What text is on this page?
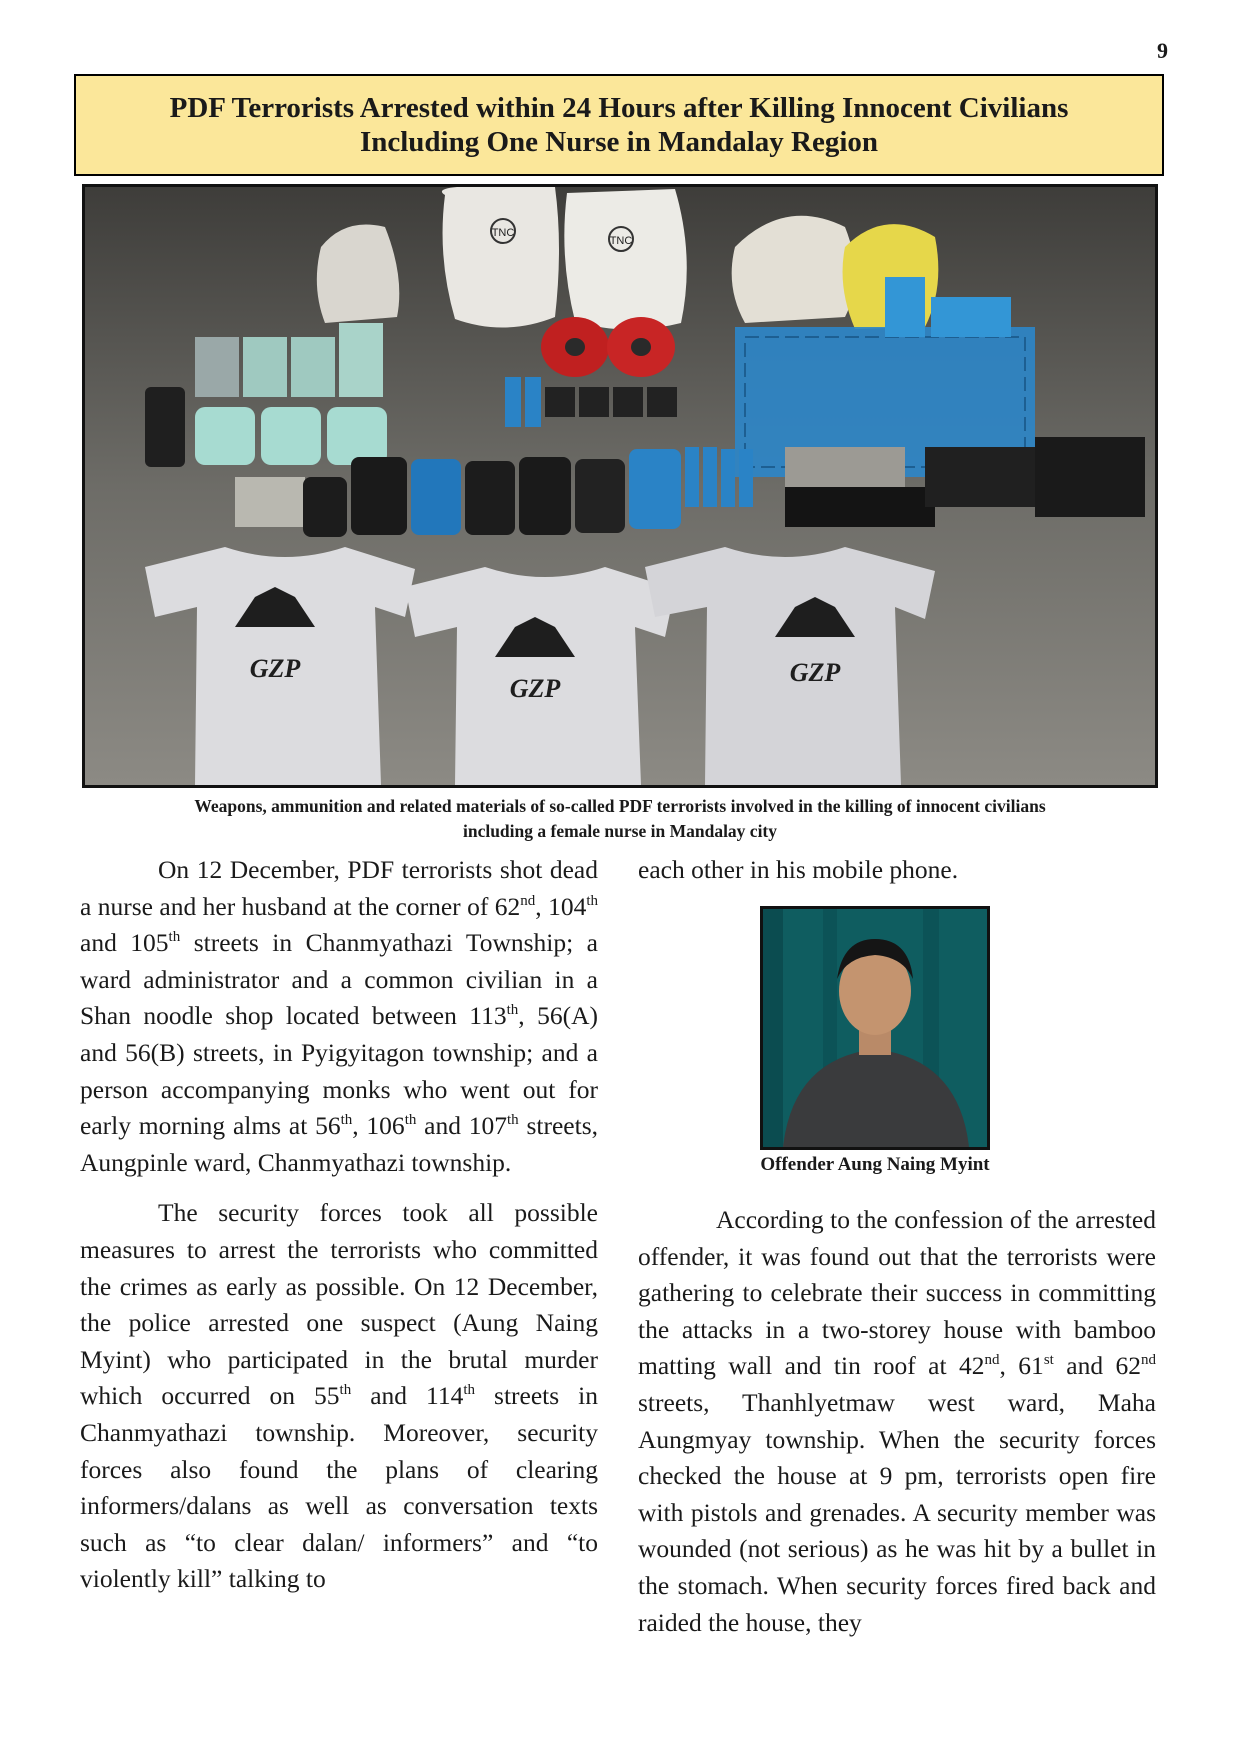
9
PDF Terrorists Arrested within 24 Hours after Killing Innocent Civilians
Including One Nurse in Mandalay Region
TNC
TNC
GZP
GZP
GZP
Weapons, ammunition and related materials of so-called PDF terrorists involved in the killing of innocent civilians
including a female nurse in Mandalay city

On 12 December, PDF terrorists shot dead a nurse and her husband at the corner of 62nd, 104th and 105th streets in Chanmyathazi Township; a ward administrator and a common civilian in a Shan noodle shop located between 113th, 56(A) and 56(B) streets, in Pyigyitagon township; and a person accompanying monks who went out for early morning alms at 56th, 106th and 107th streets, Aungpinle ward, Chanmyathazi township.

The security forces took all possible measures to arrest the terrorists who committed the crimes as early as possible. On 12 December, the police arrested one suspect (Aung Naing Myint) who participated in the brutal murder which occurred on 55th and 114th streets in Chanmyathazi township. Moreover, security forces also found the plans of clearing informers/dalans as well as conversation texts such as “to clear dalan/ informers” and “to violently kill” talking to

each other in his mobile phone.

Offender Aung Naing Myint

According to the confession of the arrested offender, it was found out that the terrorists were gathering to celebrate their success in committing the attacks in a two-storey house with bamboo matting wall and tin roof at 42nd, 61st and 62nd streets, Thanhlyetmaw west ward, Maha Aungmyay township. When the security forces checked the house at 9 pm, terrorists open fire with pistols and grenades. A security member was wounded (not serious) as he was hit by a bullet in the stomach. When security forces fired back and raided the house, they
